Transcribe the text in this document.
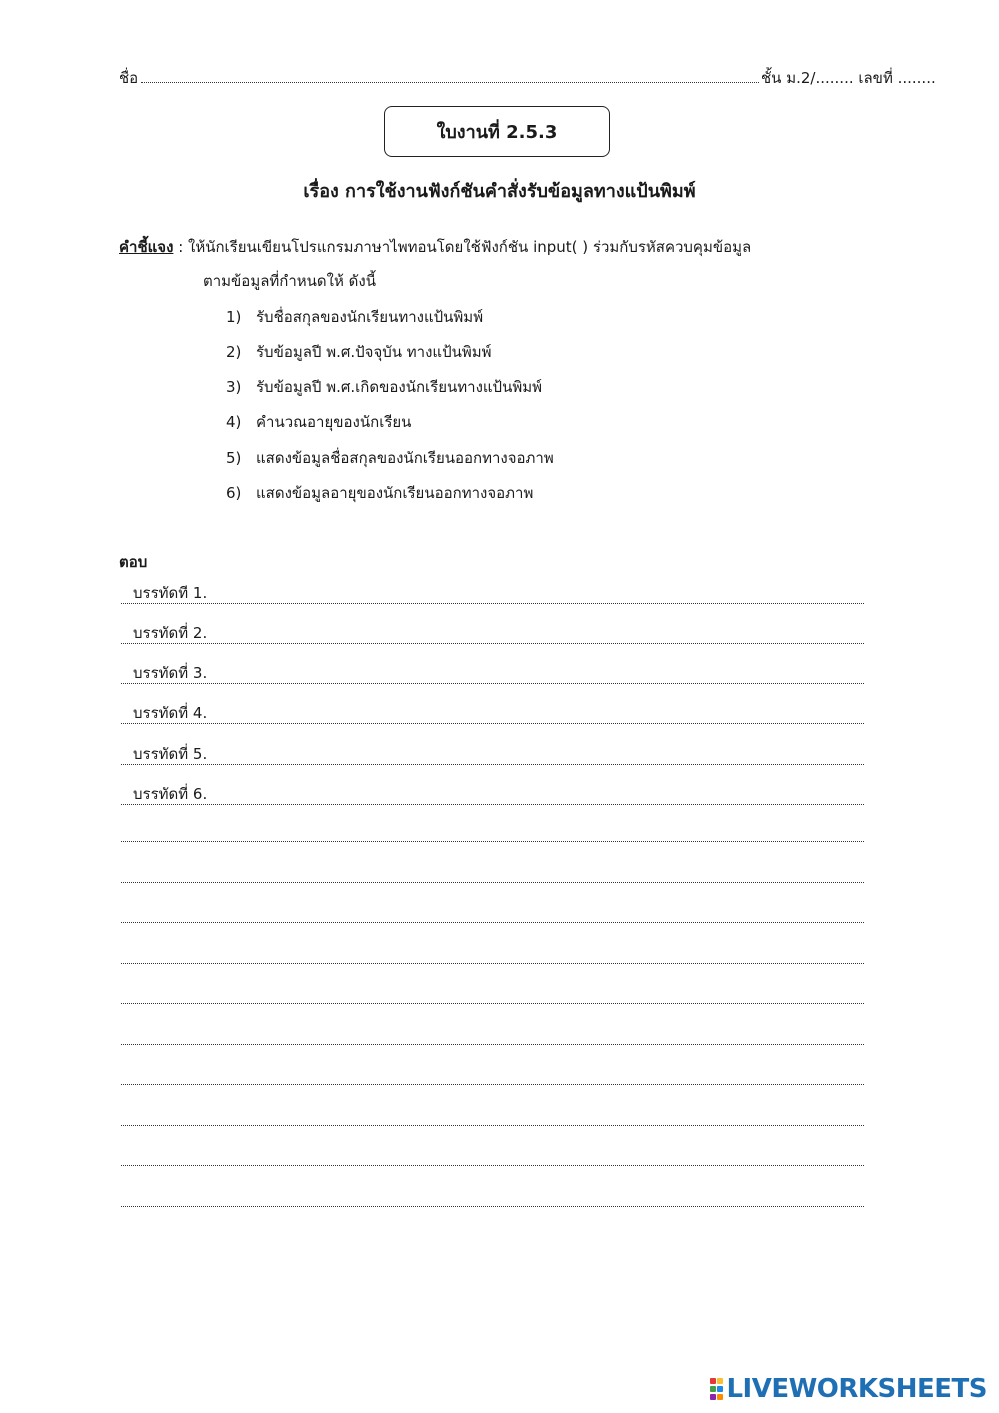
ชื่อ	ชั้น ม.2/........ เลขที่ ........
ใบงานที่ 2.5.3
เรื่อง การใช้งานฟังก์ชันคำสั่งรับข้อมูลทางแป้นพิมพ์
คำชี้แจง : ให้นักเรียนเขียนโปรแกรมภาษาไพทอนโดยใช้ฟังก์ชัน input( ) ร่วมกับรหัสควบคุมข้อมูล
ตามข้อมูลที่กำหนดให้ ดังนี้
1) รับชื่อสกุลของนักเรียนทางแป้นพิมพ์
2) รับข้อมูลปี พ.ศ.ปัจจุบัน ทางแป้นพิมพ์
3) รับข้อมูลปี พ.ศ.เกิดของนักเรียนทางแป้นพิมพ์
4) คำนวณอายุของนักเรียน
5) แสดงข้อมูลชื่อสกุลของนักเรียนออกทางจอภาพ
6) แสดงข้อมูลอายุของนักเรียนออกทางจอภาพ
ตอบ
บรรทัดที 1.
บรรทัดที่ 2.
บรรทัดที่ 3.
บรรทัดที่ 4.
บรรทัดที่ 5.
บรรทัดที่ 6.
LIVEWORKSHEETS
